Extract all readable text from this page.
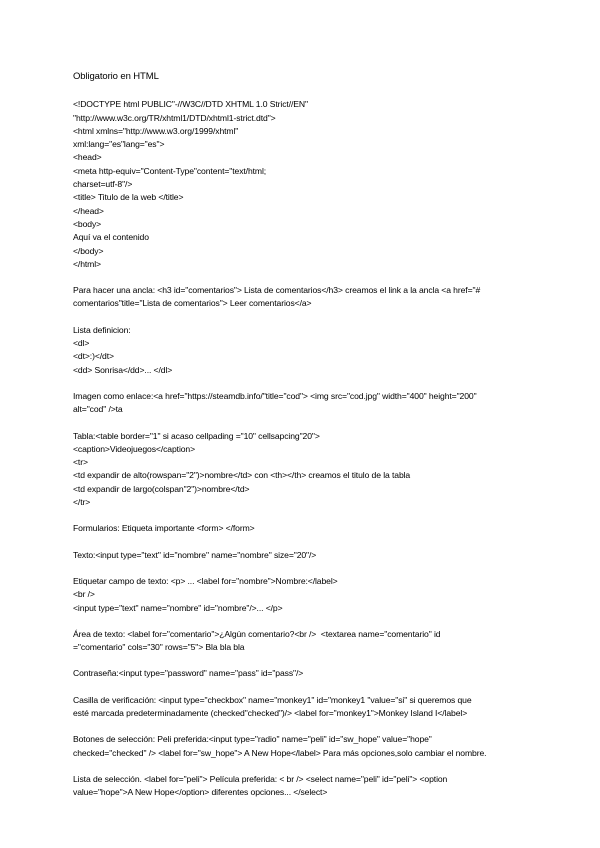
Obligatorio en HTML
<!DOCTYPE html PUBLIC"-//W3C//DTD XHTML 1.0 Strict//EN"
"http://www.w3c.org/TR/xhtml1/DTD/xhtml1-strict.dtd">
<html xmlns="http://www.w3.org/1999/xhtml"
xml:lang="es"lang="es">
<head>
<meta http-equiv="Content-Type"content="text/html;
charset=utf-8"/>
<title> Titulo de la web </title>
</head>
<body>
Aquí va el contenido
</body>
</html>
Para hacer una ancla: <h3 id="comentarios"> Lista de comentarios</h3> creamos el link a la ancla <a href="#
comentarios"title="Lista de comentarios"> Leer comentarios</a>
Lista definicion:
<dl>
<dt>:)</dt>
<dd> Sonrisa</dd>... </dl>
Imagen como enlace:<a href="https://steamdb.info/"title="cod"> <img src="cod.jpg" width="400" height="200"
alt="cod" />ta
Tabla:<table border="1" si acaso cellpading ="10" cellsapcing"20">
<caption>Videojuegos</caption>
<tr>
<td expandir de alto(rowspan="2")>nombre</td> con <th></th> creamos el titulo de la tabla
<td expandir de largo(colspan"2")>nombre</td>
</tr>
Formularios: Etiqueta importante <form> </form>
Texto:<input type="text" id="nombre" name="nombre" size="20"/>
Etiquetar campo de texto: <p> ... <label for="nombre">Nombre:</label>
<br />
<input type="text" name="nombre" id="nombre"/>... </p>
Área de texto: <label for="comentario">¿Algún comentario?<br />  <textarea name="comentario" id
="comentario" cols="30" rows="5"> Bla bla bla
Contraseña:<input type="password" name="pass" id="pass"/>
Casilla de verificación: <input type="checkbox" name="monkey1" id="monkey1 "value="si" si queremos que
esté marcada predeterminadamente (checked"checked")/> <label for="monkey1">Monkey Island I</label>
Botones de selección: Peli preferida:<input type="radio" name="peli" id="sw_hope" value="hope"
checked="checked" /> <label for="sw_hope"> A New Hope</label> Para más opciones,solo cambiar el nombre.
Lista de selección. <label for="peli"> Película preferida: < br /> <select name="peli" id="peli"> <option
value="hope">A New Hope</option> diferentes opciones... </select>
